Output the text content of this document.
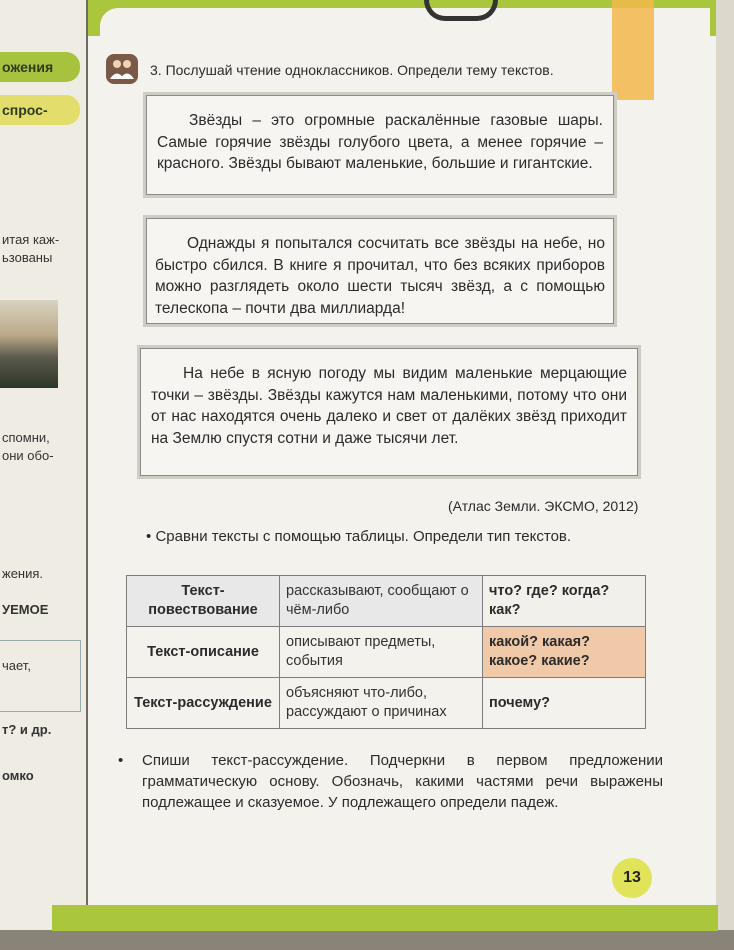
ожения
спрос-
итая каж-
ьзованы
спомни,
они обо-
жения.
УЕМОЕ
чает,
т? и др.
омко
3. Послушай чтение одноклассников. Определи тему текстов.
Звёзды – это огромные раскалённые газовые шары. Самые горячие звёзды голубого цвета, а менее горячие – красного. Звёзды бывают маленькие, большие и гигантские.
Однажды я попытался сосчитать все звёзды на небе, но быстро сбился. В книге я прочитал, что без всяких приборов можно разглядеть около шести тысяч звёзд, а с помощью телескопа – почти два миллиарда!
На небе в ясную погоду мы видим маленькие мерцающие точки – звёзды. Звёзды кажутся нам маленькими, потому что они от нас находятся очень далеко и свет от далёких звёзд приходит на Землю спустя сотни и даже тысячи лет.
(Атлас Земли. ЭКСМО, 2012)
• Сравни тексты с помощью таблицы. Определи тип текстов.
Текст-повествование	рассказывают, сообщают о чём-либо	что? где? когда? как?
Текст-описание	описывают предметы, события	какой? какая? какое? какие?
Текст-рассуждение	объясняют что-либо, рассуждают о причинах	почему?
•	Спиши текст-рассуждение. Подчеркни в первом предложении грамматическую основу. Обозначь, какими частями речи выражены подлежащее и сказуемое. У подлежащего определи падеж.
13
